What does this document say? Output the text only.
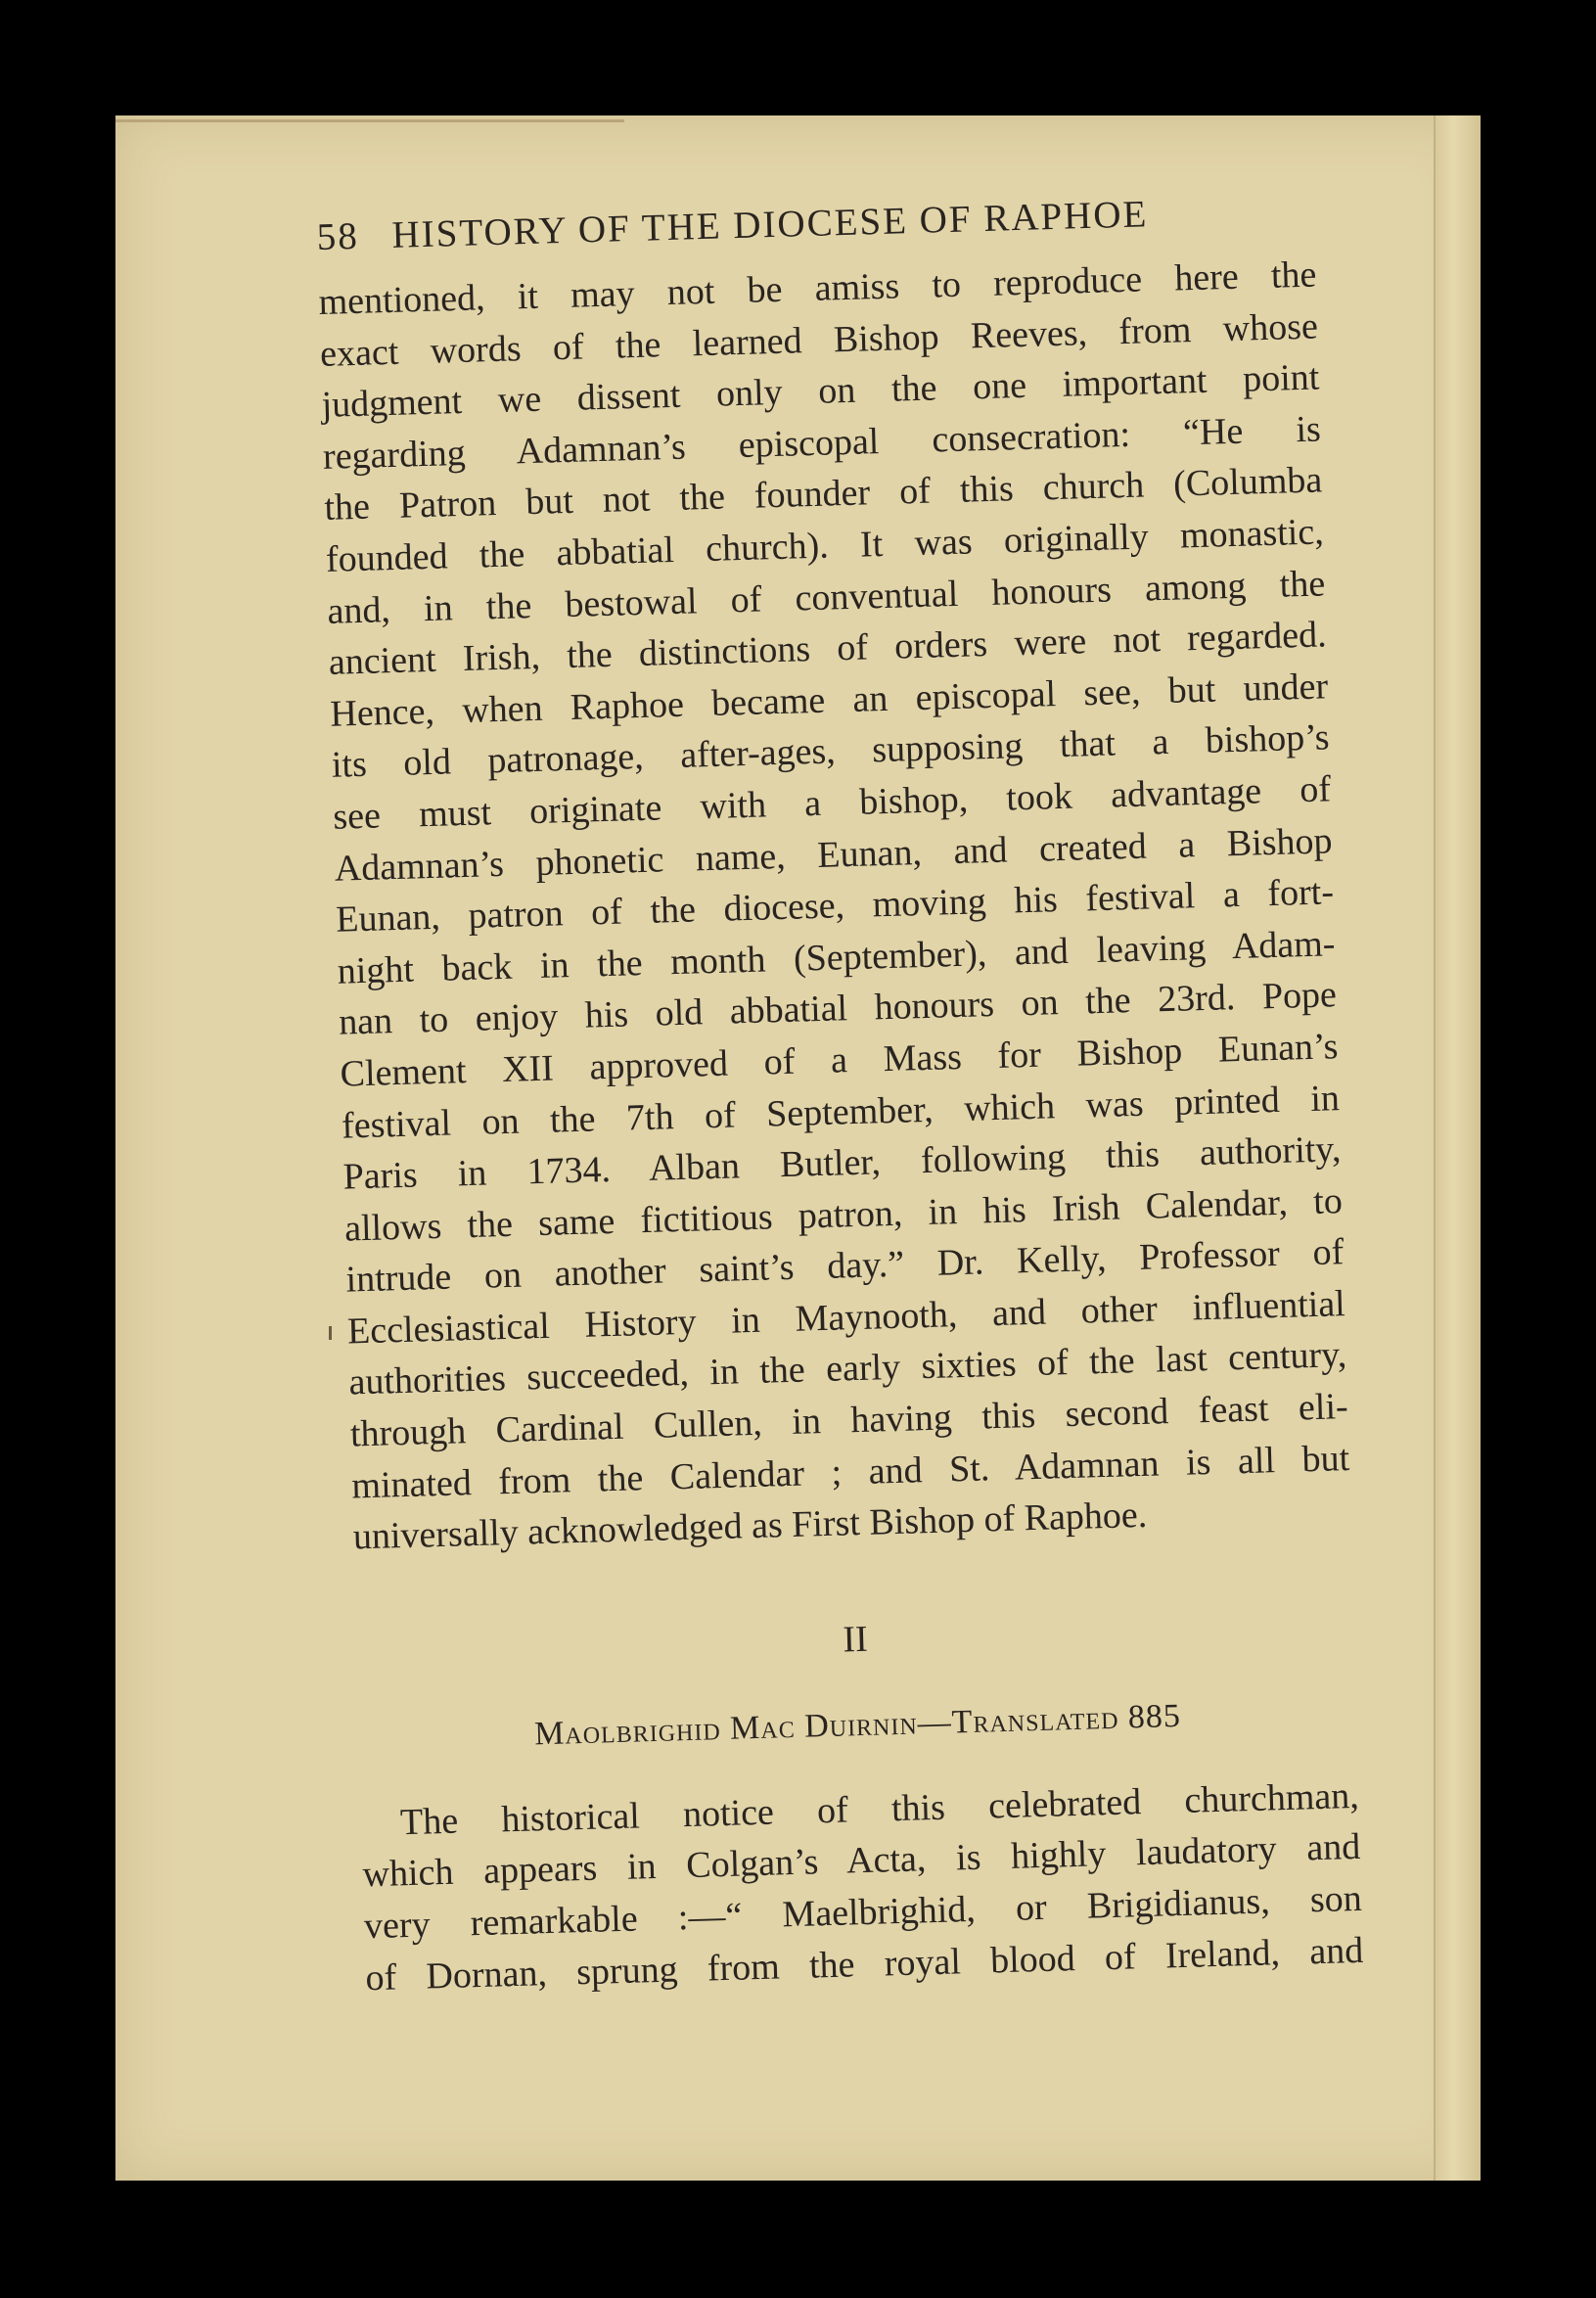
58 HISTORY OF THE DIOCESE OF RAPHOE
mentioned, it may not be amiss to reproduce here the
exact words of the learned Bishop Reeves, from whose
judgment we dissent only on the one important point
regarding Adamnan’s episcopal consecration: “He is
the Patron but not the founder of this church (Columba
founded the abbatial church). It was originally monastic,
and, in the bestowal of conventual honours among the
ancient Irish, the distinctions of orders were not regarded.
Hence, when Raphoe became an episcopal see, but under
its old patronage, after-ages, supposing that a bishop’s
see must originate with a bishop, took advantage of
Adamnan’s phonetic name, Eunan, and created a Bishop
Eunan, patron of the diocese, moving his festival a fort-
night back in the month (September), and leaving Adam-
nan to enjoy his old abbatial honours on the 23rd. Pope
Clement XII approved of a Mass for Bishop Eunan’s
festival on the 7th of September, which was printed in
Paris in 1734. Alban Butler, following this authority,
allows the same fictitious patron, in his Irish Calendar, to
intrude on another saint’s day.” Dr. Kelly, Professor of
Ecclesiastical History in Maynooth, and other influential
authorities succeeded, in the early sixties of the last century,
through Cardinal Cullen, in having this second feast eli-
minated from the Calendar ; and St. Adamnan is all but
universally acknowledged as First Bishop of Raphoe.
II
Maolbrighid Mac Duirnin—Translated 885
The historical notice of this celebrated churchman,
which appears in Colgan’s Acta, is highly laudatory and
very remarkable :—“ Maelbrighid, or Brigidianus, son
of Dornan, sprung from the royal blood of Ireland, and
